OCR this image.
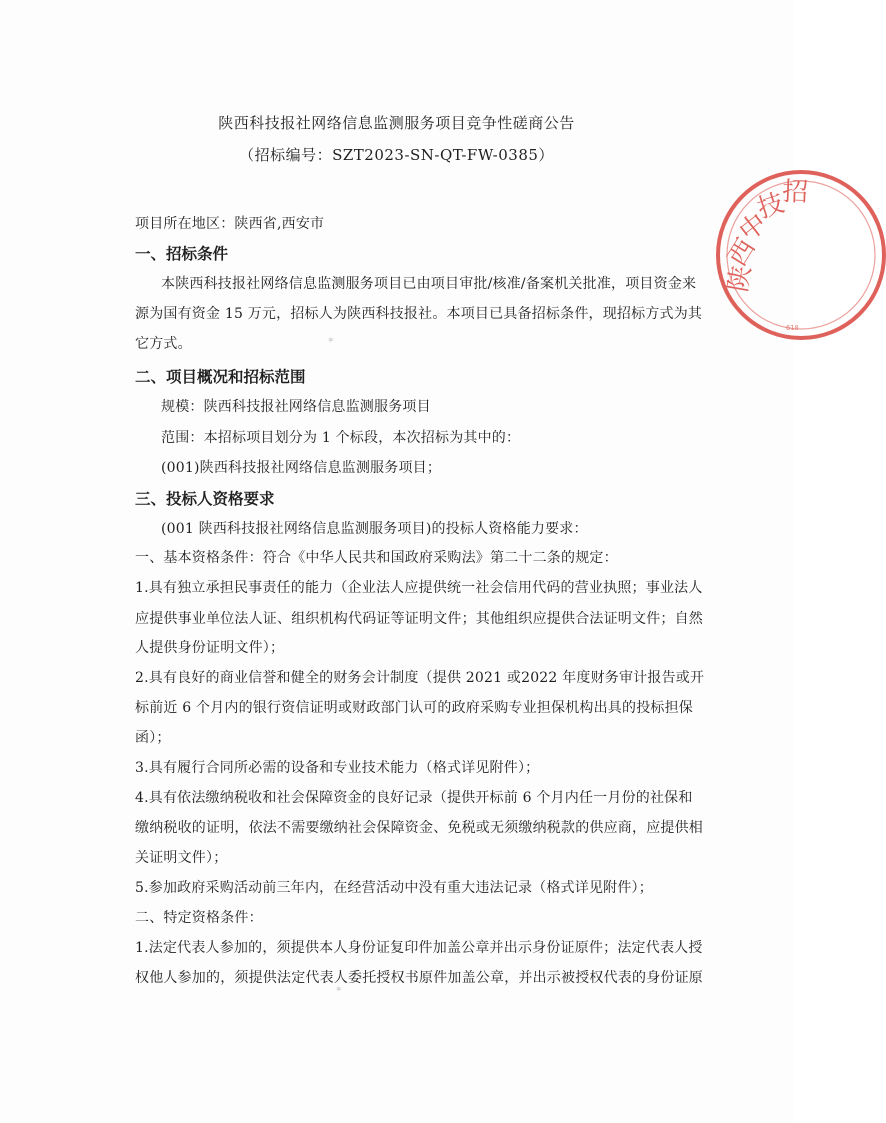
陕西科技报社网络信息监测服务项目竞争性磋商公告
（招标编号：SZT2023-SN-QT-FW-0385）
项目所在地区：陕西省,西安市
一、招标条件
本陕西科技报社网络信息监测服务项目已由项目审批/核准/备案机关批准，项目资金来
源为国有资金 15 万元，招标人为陕西科技报社。本项目已具备招标条件，现招标方式为其
它方式。
二、项目概况和招标范围
规模：陕西科技报社网络信息监测服务项目
范围：本招标项目划分为 1 个标段，本次招标为其中的：
(001)陕西科技报社网络信息监测服务项目；
三、投标人资格要求
(001 陕西科技报社网络信息监测服务项目)的投标人资格能力要求：
一、基本资格条件：符合《中华人民共和国政府采购法》第二十二条的规定：
1.具有独立承担民事责任的能力（企业法人应提供统一社会信用代码的营业执照；事业法人
应提供事业单位法人证、组织机构代码证等证明文件；其他组织应提供合法证明文件；自然
人提供身份证明文件）；
2.具有良好的商业信誉和健全的财务会计制度（提供 2021 或2022 年度财务审计报告或开
标前近 6 个月内的银行资信证明或财政部门认可的政府采购专业担保机构出具的投标担保
函）；
3.具有履行合同所必需的设备和专业技术能力（格式详见附件）；
4.具有依法缴纳税收和社会保障资金的良好记录（提供开标前 6 个月内任一月份的社保和
缴纳税收的证明，依法不需要缴纳社会保障资金、免税或无须缴纳税款的供应商，应提供相
关证明文件）；
5.参加政府采购活动前三年内，在经营活动中没有重大违法记录（格式详见附件）；
二、特定资格条件：
1.法定代表人参加的，须提供本人身份证复印件加盖公章并出示身份证原件；法定代表人授
权他人参加的，须提供法定代表人委托授权书原件加盖公章，并出示被授权代表的身份证原
✶
✶
陕
西
中
技
招
610
